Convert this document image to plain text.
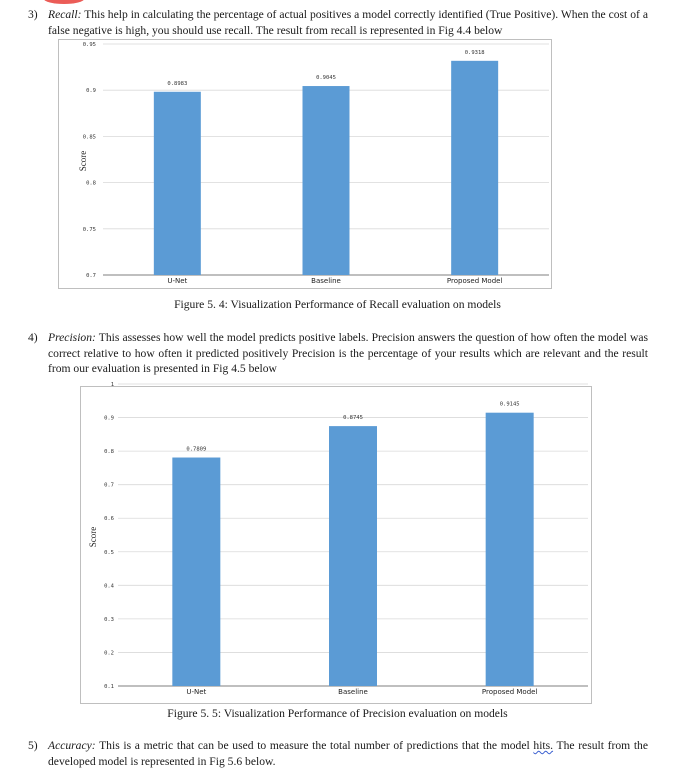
3) Recall: This help in calculating the percentage of actual positives a model correctly identified (True Positive). When the cost of a false negative is high, you should use recall. The result from recall is represented in Fig 4.4 below
0.7
0.75
0.8
0.85
0.9
0.95
0.8983
U-Net
0.9045
Baseline
0.9318
Proposed Model
Score
Figure 5. 4: Visualization Performance of Recall evaluation on models
4) Precision: This assesses how well the model predicts positive labels. Precision answers the question of how often the model was correct relative to how often it predicted positively Precision is the percentage of your results which are relevant and the result from our evaluation is presented in Fig 4.5 below
0.1
0.2
0.3
0.4
0.5
0.6
0.7
0.8
0.9
1
0.7809
U-Net
0.8745
Baseline
0.9145
Proposed Model
Score
Figure 5. 5: Visualization Performance of Precision evaluation on models
5) Accuracy: This is a metric that can be used to measure the total number of predictions that the model hits. The result from the developed model is represented in Fig 5.6 below.
